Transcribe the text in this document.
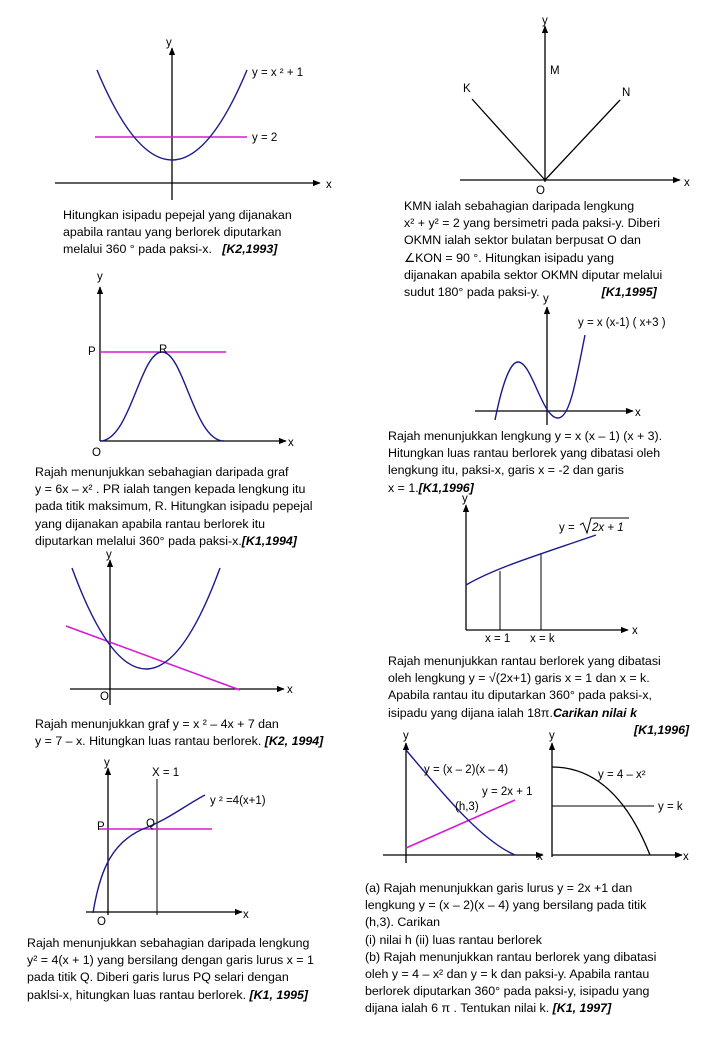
y
x
y = x ² + 1
y = 2
y
x
O
K
M
N
y
x
O
P	R
y
x
y = x (x-1) ( x+3 )
y
x
O
y
x
y = 2x + 1
x = 1 x = k
y
x
O
P	Q
X = 1
y ² =4(x+1)
y
x
y = (x – 2)(x – 4)
y = 2x + 1
(h,3)
y
x
y = 4 – x²
y = k
Hitungkan isipadu pepejal yang dijanakan
apabila rantau yang berlorek diputarkan
melalui 360 ° pada paksi-x. [K2,1993]
KMN ialah sebahagian daripada lengkung
x² + y² = 2 yang bersimetri pada paksi-y. Diberi
OKMN ialah sektor bulatan berpusat O dan
∠KON = 90 °. Hitungkan isipadu yang
dijanakan apabila sektor OKMN diputar melalui
sudut 180° pada paksi-y.	[K1,1995]
Rajah menunjukkan sebahagian daripada graf
y = 6x – x² . PR ialah tangen kepada lengkung itu
pada titik maksimum, R. Hitungkan isipadu pepejal
yang dijanakan apabila rantau berlorek itu
diputarkan melalui 360° pada paksi-x.[K1,1994]
Rajah menunjukkan lengkung y = x (x – 1) (x + 3).
Hitungkan luas rantau berlorek yang dibatasi oleh
lengkung itu, paksi-x, garis x = -2 dan garis
x = 1.[K1,1996]
Rajah menunjukkan graf y = x ² – 4x + 7 dan
y = 7 – x. Hitungkan luas rantau berlorek. [K2, 1994]
Rajah menunjukkan rantau berlorek yang dibatasi
oleh lengkung y = √(2x+1) garis x = 1 dan x = k.
Apabila rantau itu diputarkan 360° pada paksi-x,
isipadu yang dijana ialah 18π.Carikan nilai k
[K1,1996]
Rajah menunjukkan sebahagian daripada lengkung
y² = 4(x + 1) yang bersilang dengan garis lurus x = 1
pada titik Q. Diberi garis lurus PQ selari dengan
paklsi-x, hitungkan luas rantau berlorek. [K1, 1995]
(a) Rajah menunjukkan garis lurus y = 2x +1 dan
lengkung y = (x – 2)(x – 4) yang bersilang pada titik
(h,3). Carikan
(i) nilai h (ii) luas rantau berlorek
(b) Rajah menunjukkan rantau berlorek yang dibatasi
oleh y = 4 – x² dan y = k dan paksi-y. Apabila rantau
berlorek diputarkan 360° pada paksi-y, isipadu yang
dijana ialah 6 π . Tentukan nilai k. [K1, 1997]
